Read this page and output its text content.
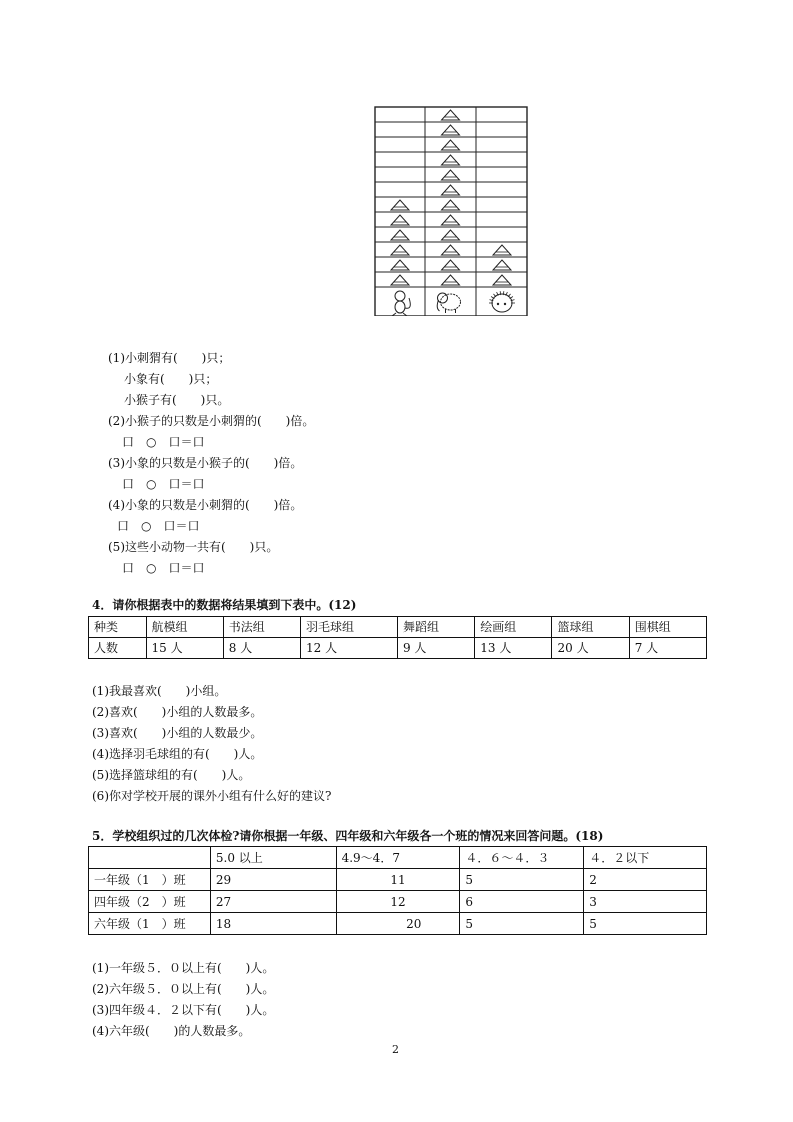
(1)小刺猬有(　　)只；
小象有(　　)只；
小猴子有(　　)只。
(2)小猴子的只数是小刺猬的(　　)倍。
口　○　口＝口
(3)小象的只数是小猴子的(　　)倍。
口　○　口＝口
(4)小象的只数是小刺猬的(　　)倍。
口　○　口＝口
(5)这些小动物一共有(　　)只。
口　○　口＝口
4．请你根据表中的数据将结果填到下表中。(12)
种类	航模组	书法组	羽毛球组	舞蹈组	绘画组	篮球组	围棋组
人数	15 人	8 人	12 人	9 人	13 人	20 人	7 人
(1)我最喜欢(　　)小组。
(2)喜欢(　　)小组的人数最多。
(3)喜欢(　　)小组的人数最少。
(4)选择羽毛球组的有(　　)人。
(5)选择篮球组的有(　　)人。
(6)你对学校开展的课外小组有什么好的建议?
5．学校组织过的几次体检?请你根据一年级、四年级和六年级各一个班的情况来回答问题。(18)
	5.0 以上	4.9～4．7	４．６～４．３	４．２以下
一年级（1　）班	29	11	5	2
四年级（2　）班	27	12	6	3
六年级（1　）班	18	20	5	5
(1)一年级５．０以上有(　　)人。
(2)六年级５．０以上有(　　)人。
(3)四年级４．２以下有(　　)人。
(4)六年级(　　)的人数最多。
2
